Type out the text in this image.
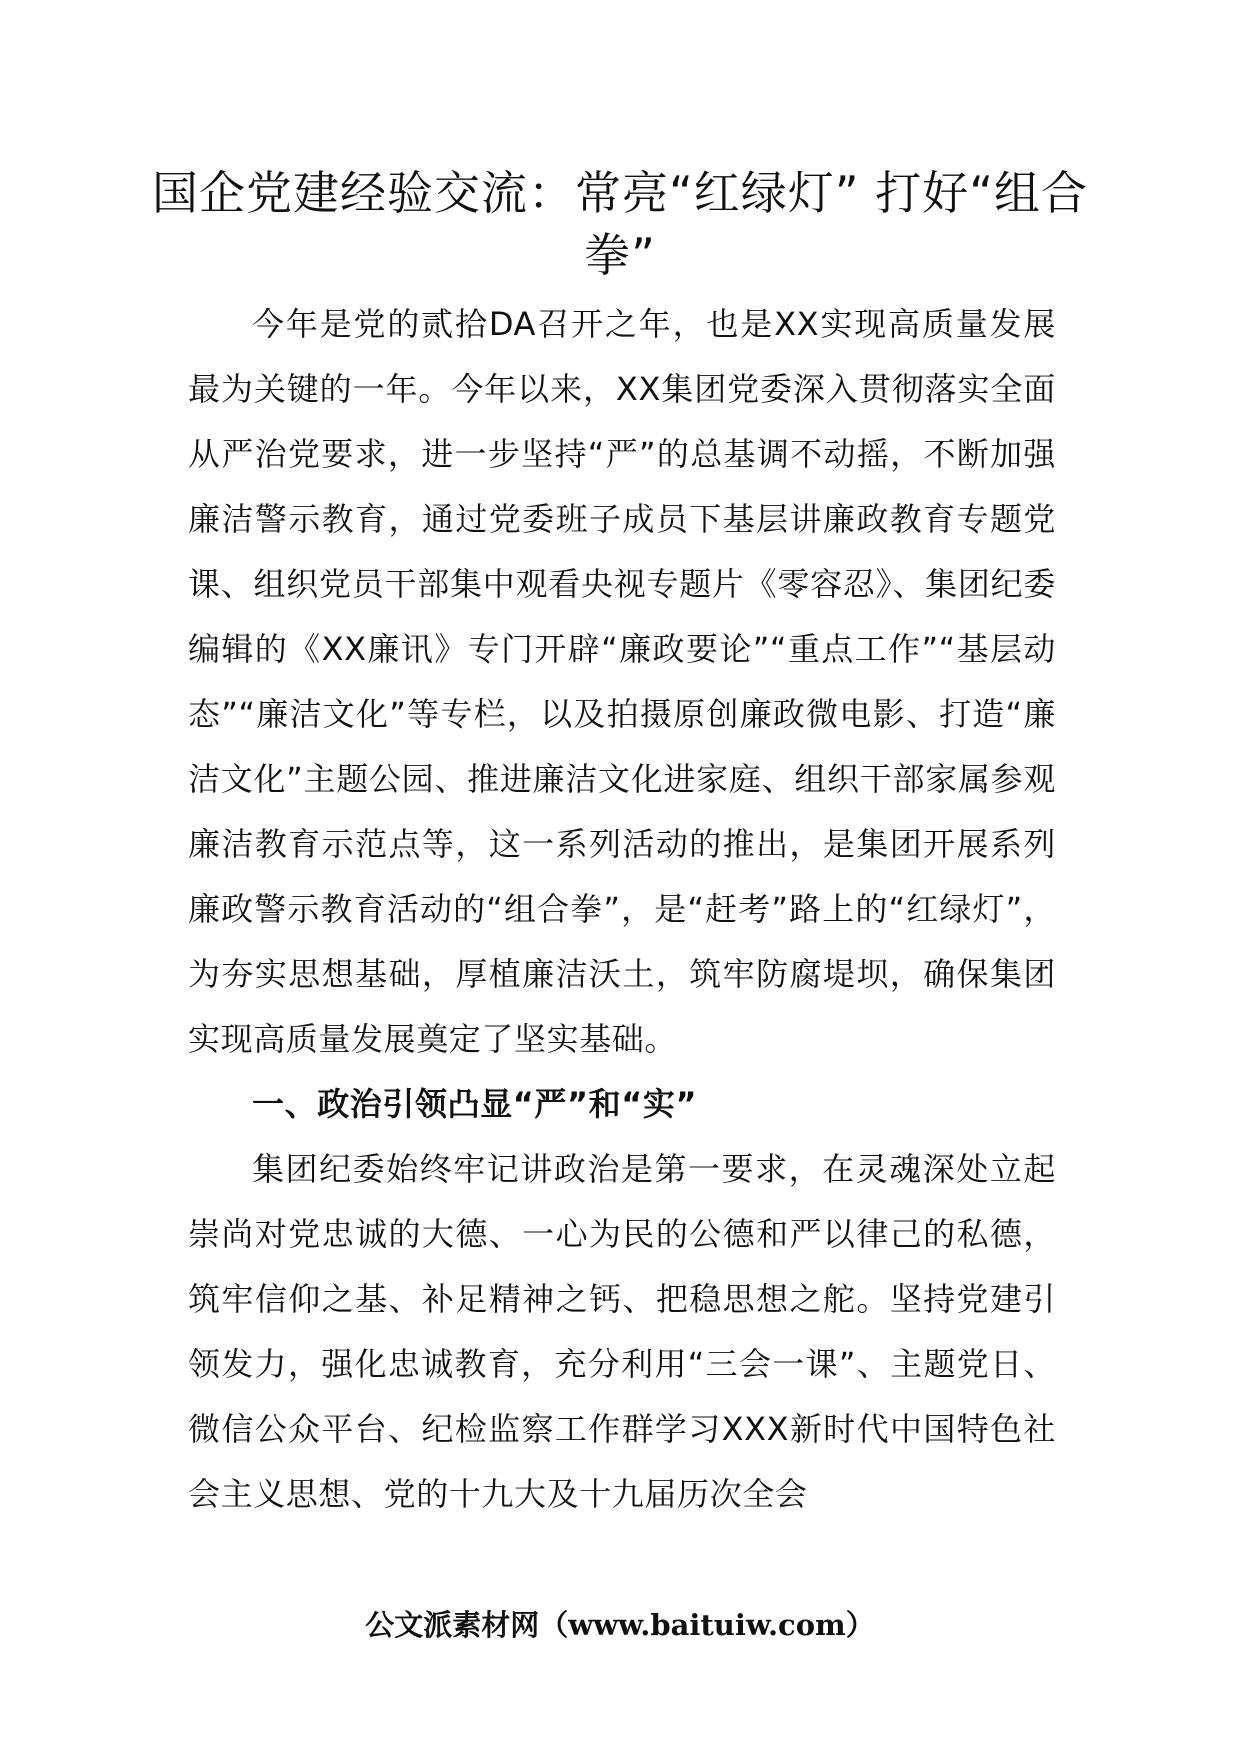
国企党建经验交流：常亮“红绿灯” 打好“组合拳”

今年是党的贰拾DA召开之年，也是XX实现高质量发展最为关键的一年。今年以来，XX集团党委深入贯彻落实全面从严治党要求，进一步坚持“严”的总基调不动摇，不断加强廉洁警示教育，通过党委班子成员下基层讲廉政教育专题党课、组织党员干部集中观看央视专题片《零容忍》、集团纪委编辑的《XX廉讯》专门开辟“廉政要论”“重点工作”“基层动态”“廉洁文化”等专栏，以及拍摄原创廉政微电影、打造“廉洁文化”主题公园、推进廉洁文化进家庭、组织干部家属参观廉洁教育示范点等，这一系列活动的推出，是集团开展系列廉政警示教育活动的“组合拳”，是“赶考”路上的“红绿灯”，为夯实思想基础，厚植廉洁沃土，筑牢防腐堤坝，确保集团实现高质量发展奠定了坚实基础。

一、政治引领凸显“严”和“实”

集团纪委始终牢记讲政治是第一要求，在灵魂深处立起崇尚对党忠诚的大德、一心为民的公德和严以律己的私德，筑牢信仰之基、补足精神之钙、把稳思想之舵。坚持党建引领发力，强化忠诚教育，充分利用“三会一课”、主题党日、微信公众平台、纪检监察工作群学习XXX新时代中国特色社会主义思想、党的十九大及十九届历次全会

公文派素材网（www.baituiw.com）
